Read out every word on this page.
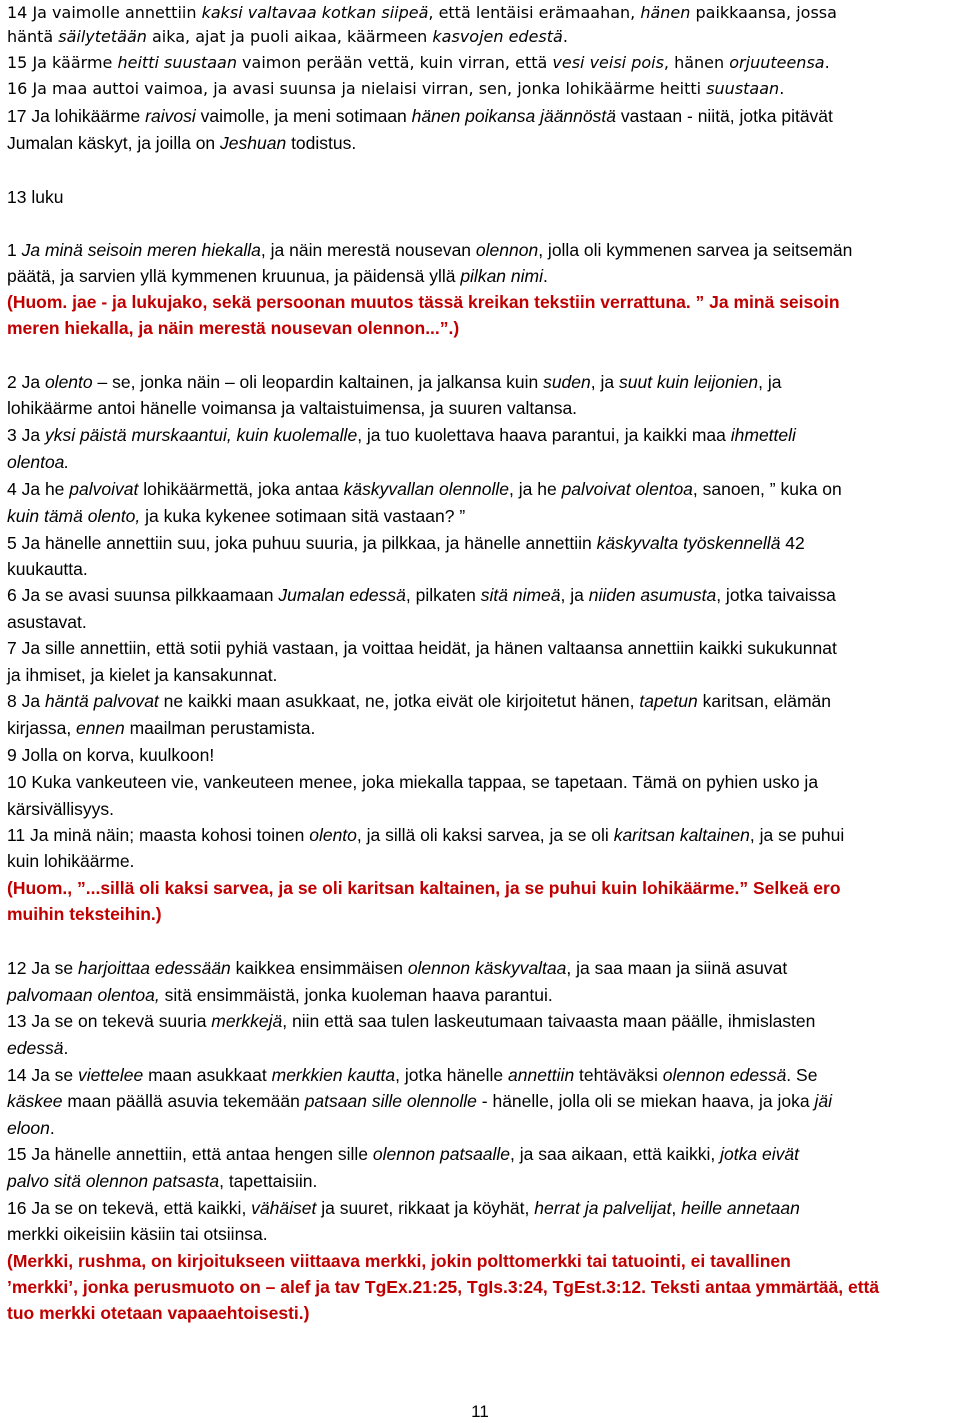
14 Ja vaimolle annettiin kaksi valtavaa kotkan siipeä, että lentäisi erämaahan, hänen paikkaansa, jossa
häntä säilytetään aika, ajat ja puoli aikaa, käärmeen kasvojen edestä.
15 Ja käärme heitti suustaan vaimon perään vettä, kuin virran, että vesi veisi pois, hänen orjuuteensa.
16 Ja maa auttoi vaimoa, ja avasi suunsa ja nielaisi virran, sen, jonka lohikäärme heitti suustaan.
17 Ja lohikäärme raivosi vaimolle, ja meni sotimaan hänen poikansa jäännöstä vastaan - niitä, jotka pitävät
Jumalan käskyt, ja joilla on Jeshuan todistus.
13 luku
1 Ja minä seisoin meren hiekalla, ja näin merestä nousevan olennon, jolla oli kymmenen sarvea ja seitsemän
päätä, ja sarvien yllä kymmenen kruunua, ja päidensä yllä pilkan nimi.
(Huom. jae - ja lukujako, sekä persoonan muutos tässä kreikan tekstiin verrattuna. ” Ja minä seisoin
meren hiekalla, ja näin merestä nousevan olennon...”.)
2 Ja olento – se, jonka näin – oli leopardin kaltainen, ja jalkansa kuin suden, ja suut kuin leijonien, ja
lohikäärme antoi hänelle voimansa ja valtaistuimensa, ja suuren valtansa.
3 Ja yksi päistä murskaantui, kuin kuolemalle, ja tuo kuolettava haava parantui, ja kaikki maa ihmetteli
olentoa.
4 Ja he palvoivat lohikäärmettä, joka antaa käskyvallan olennolle, ja he palvoivat olentoa, sanoen, ” kuka on
kuin tämä olento, ja kuka kykenee sotimaan sitä vastaan? ”
5 Ja hänelle annettiin suu, joka puhuu suuria, ja pilkkaa, ja hänelle annettiin käskyvalta työskennellä 42
kuukautta.
6 Ja se avasi suunsa pilkkaamaan Jumalan edessä, pilkaten sitä nimeä, ja niiden asumusta, jotka taivaissa
asustavat.
7 Ja sille annettiin, että sotii pyhiä vastaan, ja voittaa heidät, ja hänen valtaansa annettiin kaikki sukukunnat
ja ihmiset, ja kielet ja kansakunnat.
8 Ja häntä palvovat ne kaikki maan asukkaat, ne, jotka eivät ole kirjoitetut hänen, tapetun karitsan, elämän
kirjassa, ennen maailman perustamista.
9 Jolla on korva, kuulkoon!
10 Kuka vankeuteen vie, vankeuteen menee, joka miekalla tappaa, se tapetaan. Tämä on pyhien usko ja
kärsivällisyys.
11 Ja minä näin; maasta kohosi toinen olento, ja sillä oli kaksi sarvea, ja se oli karitsan kaltainen, ja se puhui
kuin lohikäärme.
(Huom., ”...sillä oli kaksi sarvea, ja se oli karitsan kaltainen, ja se puhui kuin lohikäärme.” Selkeä ero
muihin teksteihin.)
12 Ja se harjoittaa edessään kaikkea ensimmäisen olennon käskyvaltaa, ja saa maan ja siinä asuvat
palvomaan olentoa, sitä ensimmäistä, jonka kuoleman haava parantui.
13 Ja se on tekevä suuria merkkejä, niin että saa tulen laskeutumaan taivaasta maan päälle, ihmislasten
edessä.
14 Ja se viettelee maan asukkaat merkkien kautta, jotka hänelle annettiin tehtäväksi olennon edessä. Se
käskee maan päällä asuvia tekemään patsaan sille olennolle - hänelle, jolla oli se miekan haava, ja joka jäi
eloon.
15 Ja hänelle annettiin, että antaa hengen sille olennon patsaalle, ja saa aikaan, että kaikki, jotka eivät
palvo sitä olennon patsasta, tapettaisiin.
16 Ja se on tekevä, että kaikki, vähäiset ja suuret, rikkaat ja köyhät, herrat ja palvelijat, heille annetaan
merkki oikeisiin käsiin tai otsiinsa.
(Merkki, rushma, on kirjoitukseen viittaava merkki, jokin polttomerkki tai tatuointi, ei tavallinen
’merkki’, jonka perusmuoto on – alef ja tav TgEx.21:25, TgIs.3:24, TgEst.3:12. Teksti antaa ymmärtää, että
tuo merkki otetaan vapaaehtoisesti.)
11
